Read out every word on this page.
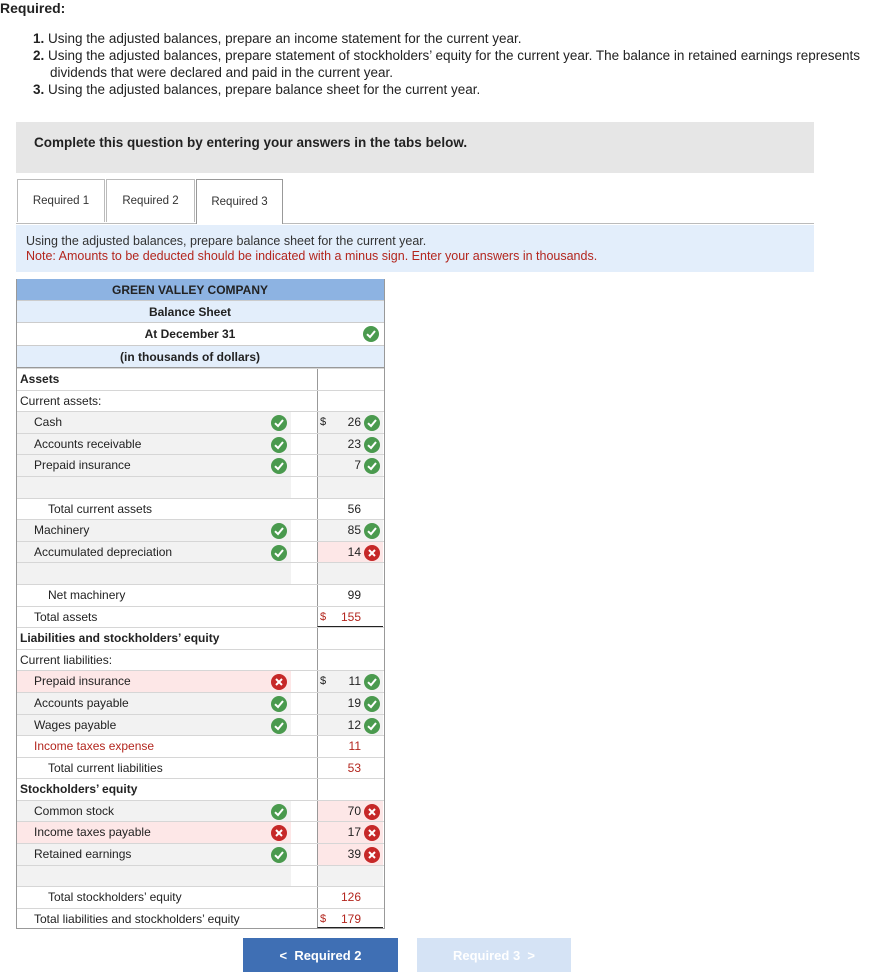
Required:
1. Using the adjusted balances, prepare an income statement for the current year.
2. Using the adjusted balances, prepare statement of stockholders’ equity for the current year. The balance in retained earnings represents dividends that were declared and paid in the current year.
3. Using the adjusted balances, prepare balance sheet for the current year.
Complete this question by entering your answers in the tabs below.
Required 1	Required 2	Required 3
Using the adjusted balances, prepare balance sheet for the current year.
Note: Amounts to be deducted should be indicated with a minus sign. Enter your answers in thousands.
GREEN VALLEY COMPANY
Balance Sheet
At December 31
(in thousands of dollars)
Assets
Current assets:
Cash	$ 26
Accounts receivable	23
Prepaid insurance	7
Total current assets	56
Machinery	85
Accumulated depreciation	14
Net machinery	99
Total assets	$ 155
Liabilities and stockholders’ equity
Current liabilities:
Prepaid insurance	$ 11
Accounts payable	19
Wages payable	12
Income taxes expense	11
Total current liabilities	53
Stockholders’ equity
Common stock	70
Income taxes payable	17
Retained earnings	39
Total stockholders’ equity	126
Total liabilities and stockholders’ equity	$ 179
< Required 2	Required 3 >
